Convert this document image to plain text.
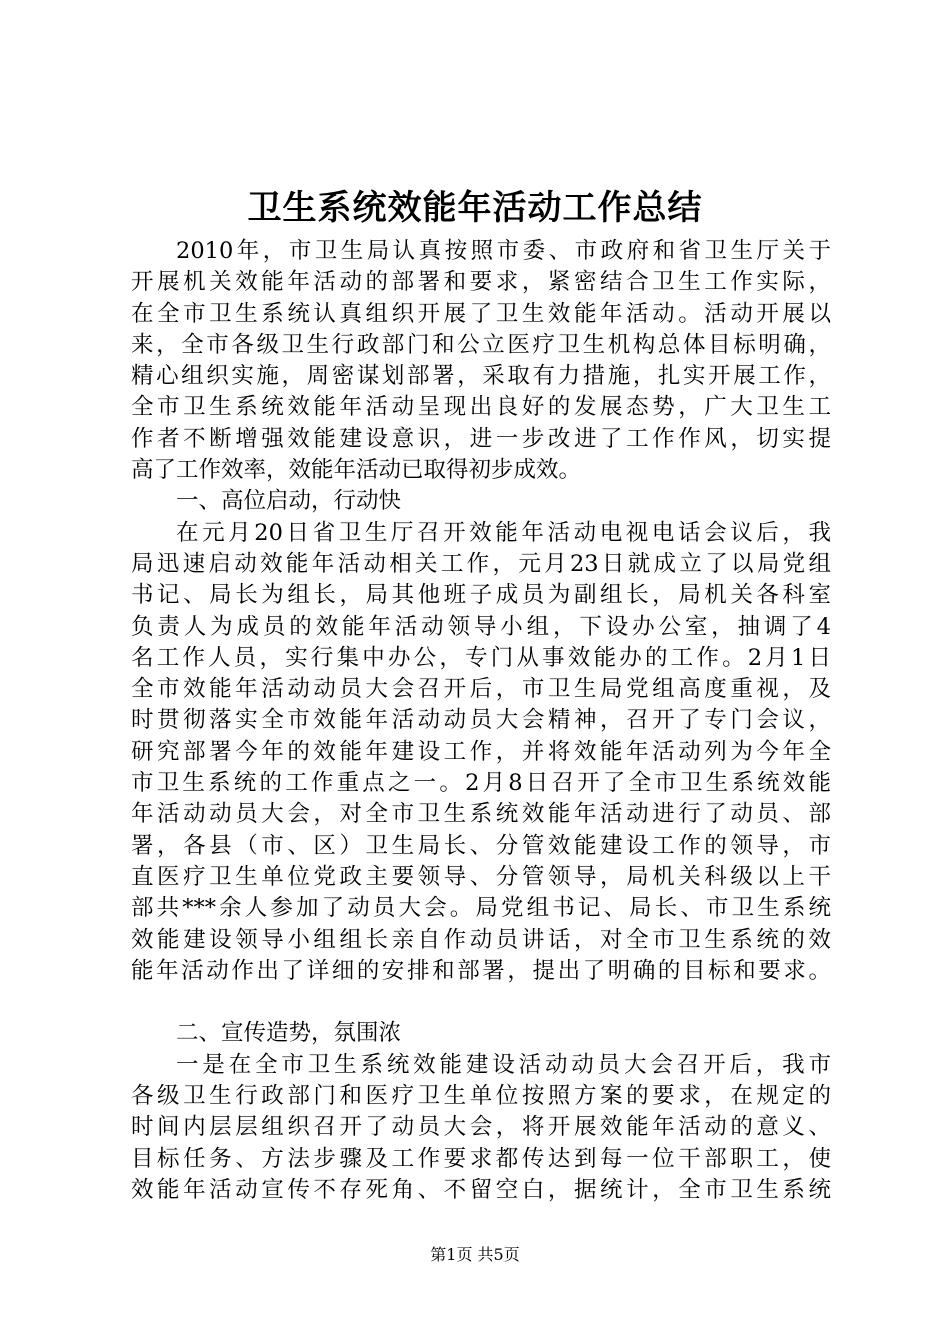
卫生系统效能年活动工作总结
2010年，市卫生局认真按照市委、市政府和省卫生厅关于
开展机关效能年活动的部署和要求，紧密结合卫生工作实际，
在全市卫生系统认真组织开展了卫生效能年活动。活动开展以
来，全市各级卫生行政部门和公立医疗卫生机构总体目标明确，
精心组织实施，周密谋划部署，采取有力措施，扎实开展工作，
全市卫生系统效能年活动呈现出良好的发展态势，广大卫生工
作者不断增强效能建设意识，进一步改进了工作作风，切实提
高了工作效率，效能年活动已取得初步成效。
一、高位启动，行动快
在元月20日省卫生厅召开效能年活动电视电话会议后，我
局迅速启动效能年活动相关工作，元月23日就成立了以局党组
书记、局长为组长，局其他班子成员为副组长，局机关各科室
负责人为成员的效能年活动领导小组，下设办公室，抽调了4
名工作人员，实行集中办公，专门从事效能办的工作。2月1日
全市效能年活动动员大会召开后，市卫生局党组高度重视，及
时贯彻落实全市效能年活动动员大会精神，召开了专门会议，
研究部署今年的效能年建设工作，并将效能年活动列为今年全
市卫生系统的工作重点之一。2月8日召开了全市卫生系统效能
年活动动员大会，对全市卫生系统效能年活动进行了动员、部
署，各县（市、区）卫生局长、分管效能建设工作的领导，市
直医疗卫生单位党政主要领导、分管领导，局机关科级以上干
部共***余人参加了动员大会。局党组书记、局长、市卫生系统
效能建设领导小组组长亲自作动员讲话，对全市卫生系统的效
能年活动作出了详细的安排和部署，提出了明确的目标和要求。
二、宣传造势，氛围浓
一是在全市卫生系统效能建设活动动员大会召开后，我市
各级卫生行政部门和医疗卫生单位按照方案的要求，在规定的
时间内层层组织召开了动员大会，将开展效能年活动的意义、
目标任务、方法步骤及工作要求都传达到每一位干部职工，使
效能年活动宣传不存死角、不留空白，据统计，全市卫生系统

第1页 共5页
